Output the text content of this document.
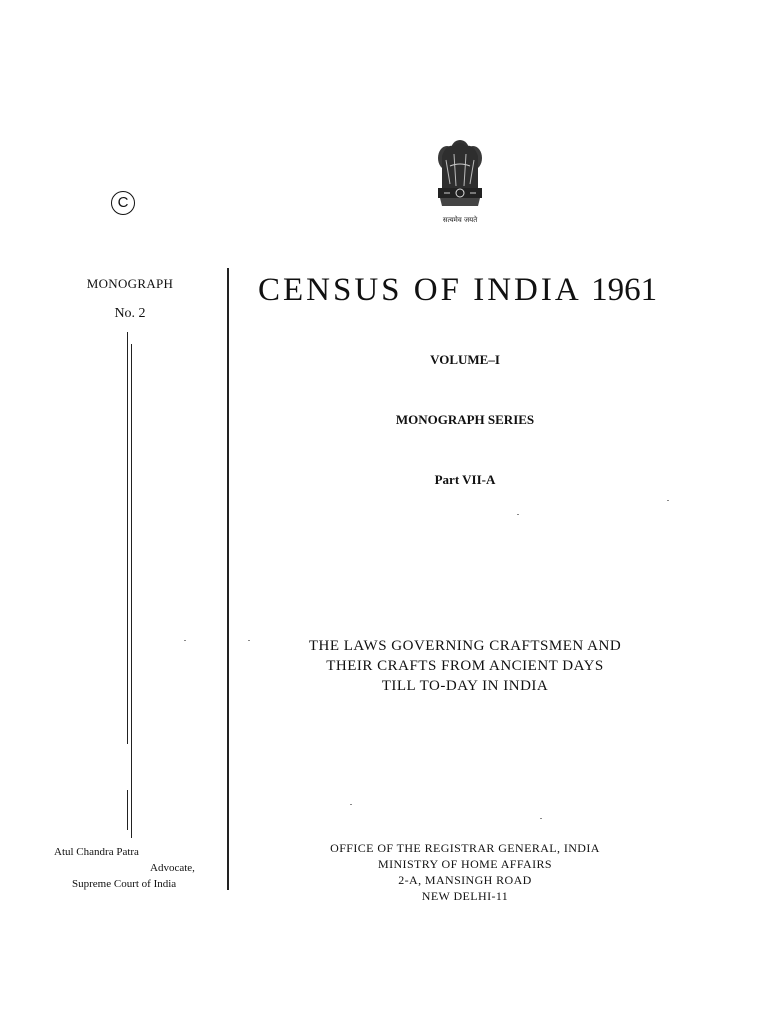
सत्यमेव जयते
C
MONOGRAPH
No. 2
CENSUS OF INDIA 1961
VOLUME–I
MONOGRAPH SERIES
Part VII-A
THE LAWS GOVERNING CRAFTSMEN AND
THEIR CRAFTS FROM ANCIENT DAYS
TILL TO-DAY IN INDIA
Atul Chandra Patra
Advocate,
Supreme Court of India
OFFICE OF THE REGISTRAR GENERAL, INDIA
MINISTRY OF HOME AFFAIRS
2-A, MANSINGH ROAD
NEW DELHI-11
